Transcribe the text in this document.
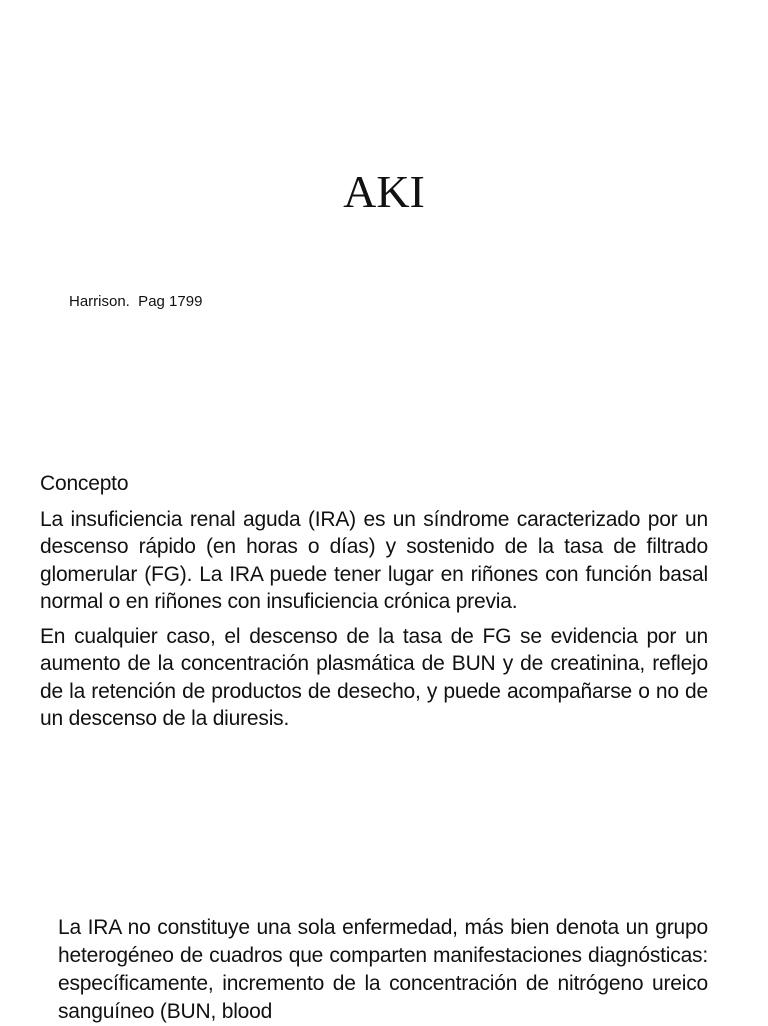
AKI

Harrison.  Pag 1799

Concepto

La insuficiencia renal aguda (IRA) es un síndrome caracterizado por un descenso rápido (en horas o días) y sostenido de la tasa de filtrado glomerular (FG). La IRA puede tener lugar en riñones con función basal normal o en riñones con insuficiencia crónica previa.

En cualquier caso, el descenso de la tasa de FG se evidencia por un aumento de la concentración plasmática de BUN y de creatinina, reflejo de la retención de productos de desecho, y puede acompañarse o no de un descenso de la diuresis.

La IRA no constituye una sola enfermedad, más bien denota un grupo heterogéneo de cuadros que comparten manifestaciones diagnósticas: específicamente, incremento de la concentración de nitrógeno ureico sanguíneo (BUN, blood
